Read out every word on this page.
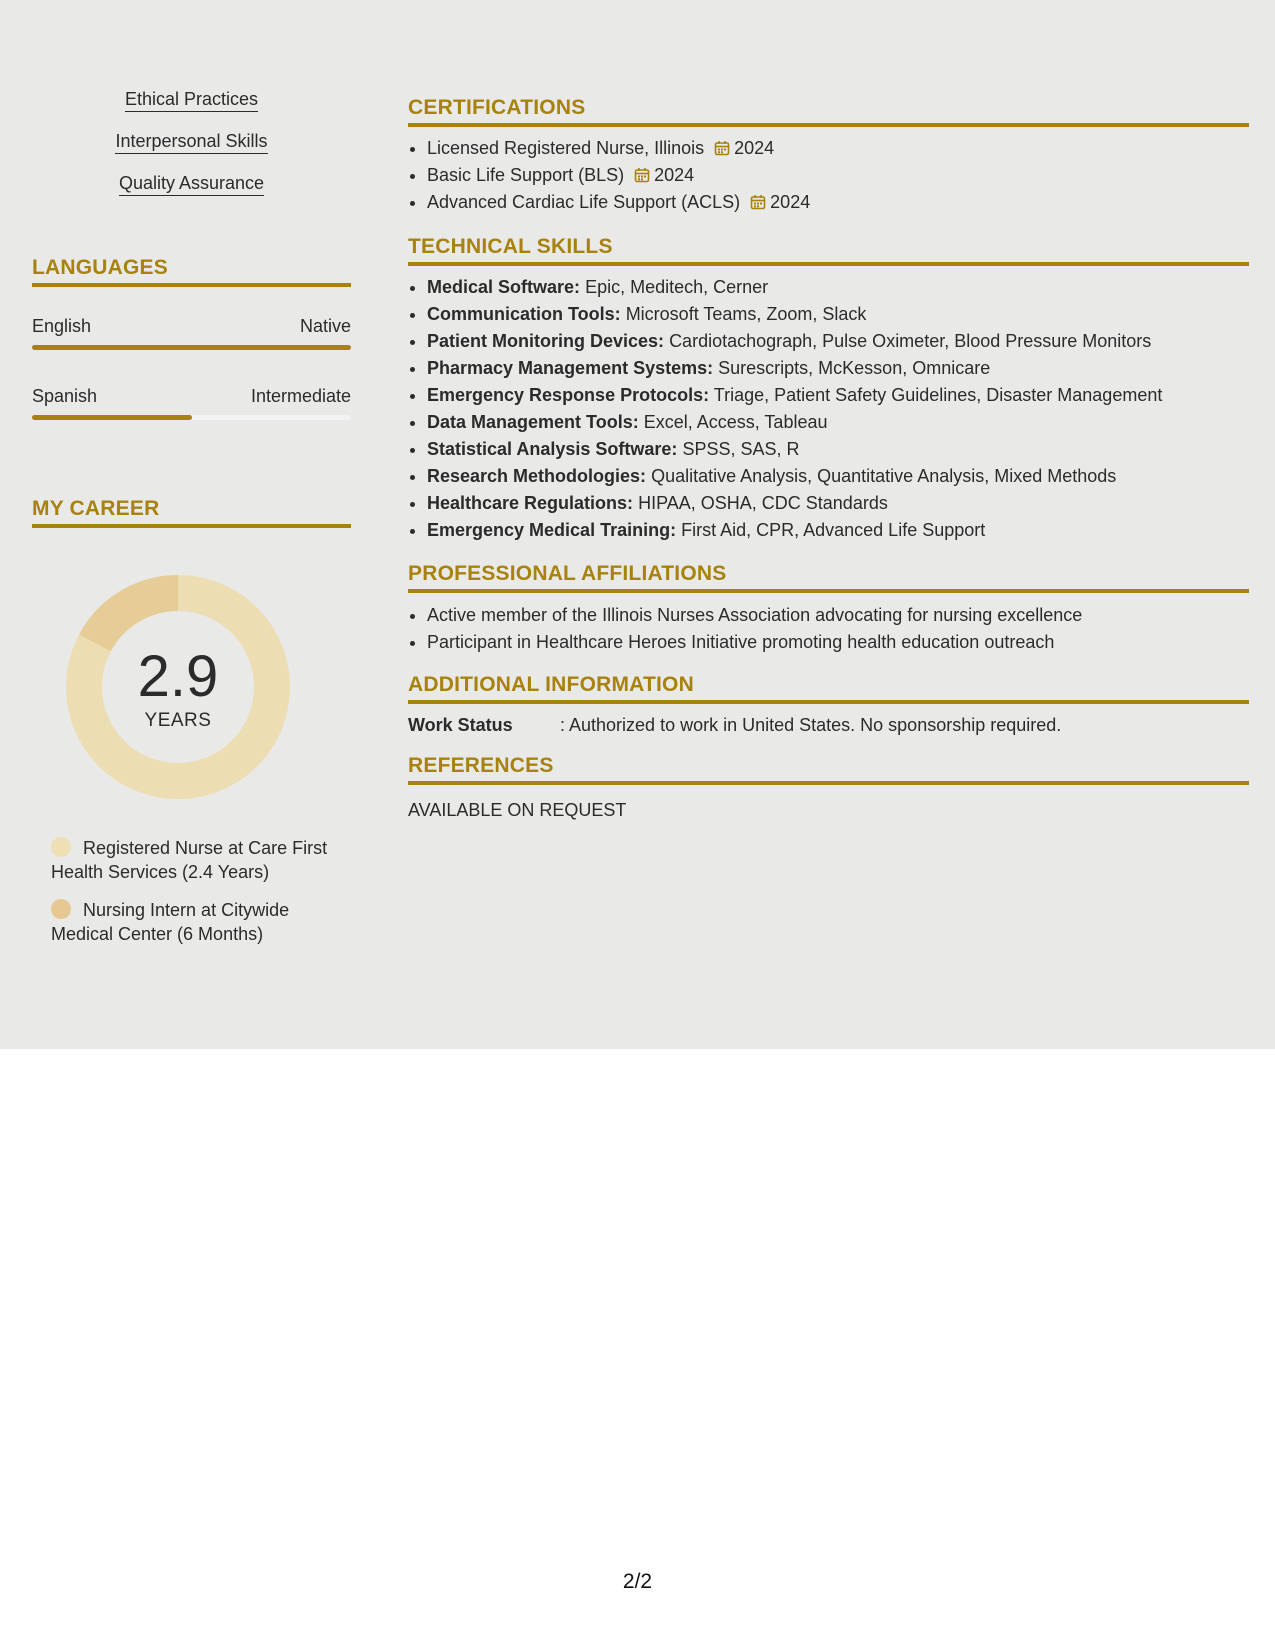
Ethical Practices
Interpersonal Skills
Quality Assurance
LANGUAGES
English	Native
Spanish	Intermediate
MY CAREER
2.9
YEARS
Registered Nurse at Care First Health Services (2.4 Years)
Nursing Intern at Citywide Medical Center (6 Months)
CERTIFICATIONS
• Licensed Registered Nurse, Illinois 2024
• Basic Life Support (BLS) 2024
• Advanced Cardiac Life Support (ACLS) 2024
TECHNICAL SKILLS
• Medical Software: Epic, Meditech, Cerner
• Communication Tools: Microsoft Teams, Zoom, Slack
• Patient Monitoring Devices: Cardiotachograph, Pulse Oximeter, Blood Pressure Monitors
• Pharmacy Management Systems: Surescripts, McKesson, Omnicare
• Emergency Response Protocols: Triage, Patient Safety Guidelines, Disaster Management
• Data Management Tools: Excel, Access, Tableau
• Statistical Analysis Software: SPSS, SAS, R
• Research Methodologies: Qualitative Analysis, Quantitative Analysis, Mixed Methods
• Healthcare Regulations: HIPAA, OSHA, CDC Standards
• Emergency Medical Training: First Aid, CPR, Advanced Life Support
PROFESSIONAL AFFILIATIONS
• Active member of the Illinois Nurses Association advocating for nursing excellence
• Participant in Healthcare Heroes Initiative promoting health education outreach
ADDITIONAL INFORMATION
Work Status	: Authorized to work in United States. No sponsorship required.
REFERENCES
AVAILABLE ON REQUEST
2/2
